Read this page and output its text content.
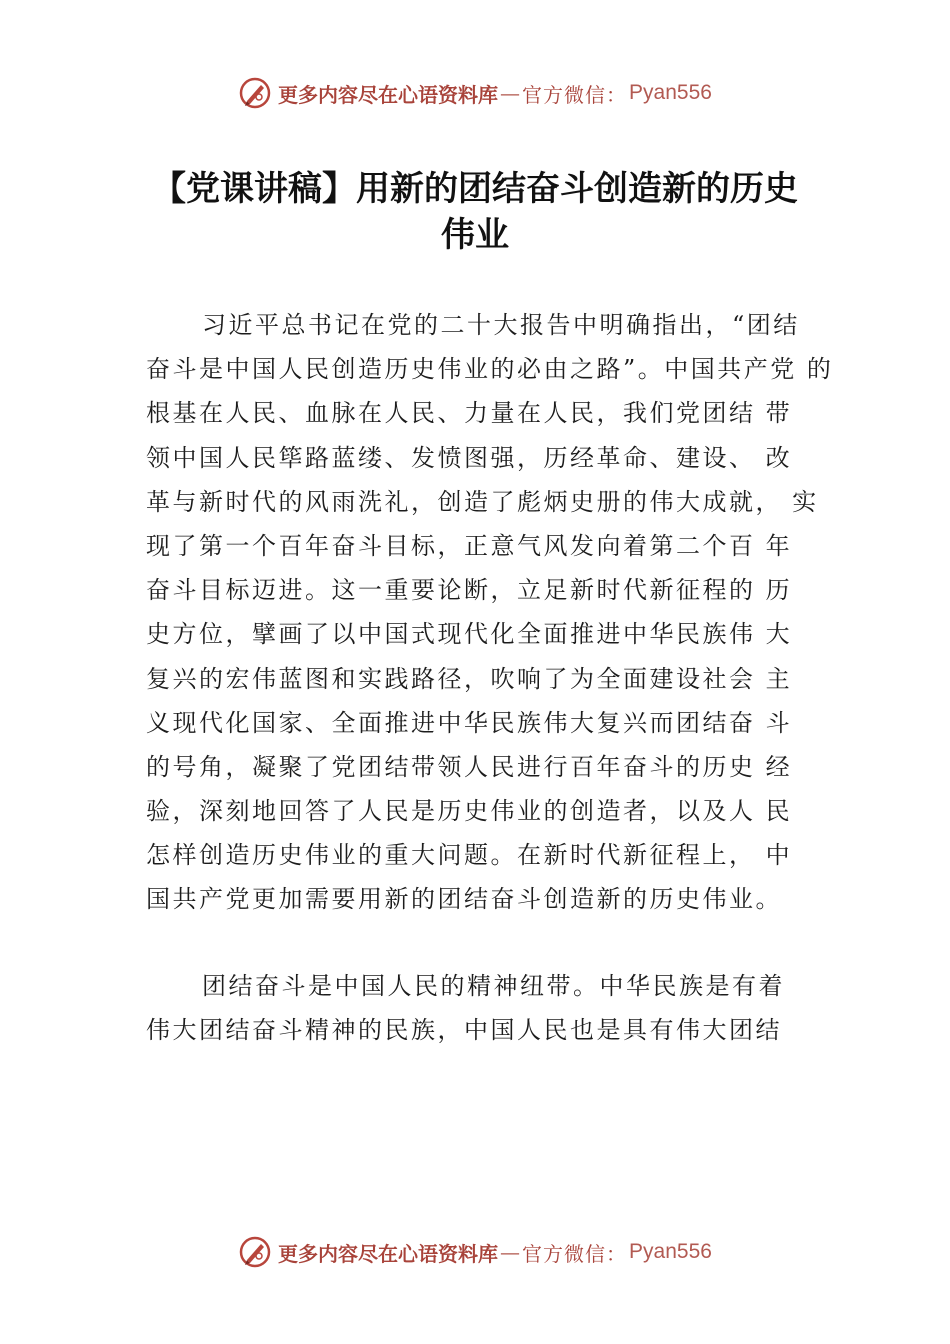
更多内容尽在心语资料库 — 官方微信： Pyan556
【党课讲稿】用新的团结奋斗创造新的历史
伟业
习近平总书记在党的二十大报告中明确指出，“团结
奋斗是中国人民创造历史伟业的必由之路”。中国共产党 的
根基在人民、血脉在人民、力量在人民，我们党团结 带
领中国人民筚路蓝缕、发愤图强，历经革命、建设、 改
革与新时代的风雨洗礼，创造了彪炳史册的伟大成就， 实
现了第一个百年奋斗目标，正意气风发向着第二个百 年
奋斗目标迈进。这一重要论断，立足新时代新征程的 历
史方位，擘画了以中国式现代化全面推进中华民族伟 大
复兴的宏伟蓝图和实践路径，吹响了为全面建设社会 主
义现代化国家、全面推进中华民族伟大复兴而团结奋 斗
的号角，凝聚了党团结带领人民进行百年奋斗的历史 经
验，深刻地回答了人民是历史伟业的创造者，以及人 民
怎样创造历史伟业的重大问题。在新时代新征程上， 中
国共产党更加需要用新的团结奋斗创造新的历史伟业。
团结奋斗是中国人民的精神纽带。中华民族是有着
伟大团结奋斗精神的民族，中国人民也是具有伟大团结
更多内容尽在心语资料库 — 官方微信： Pyan556
